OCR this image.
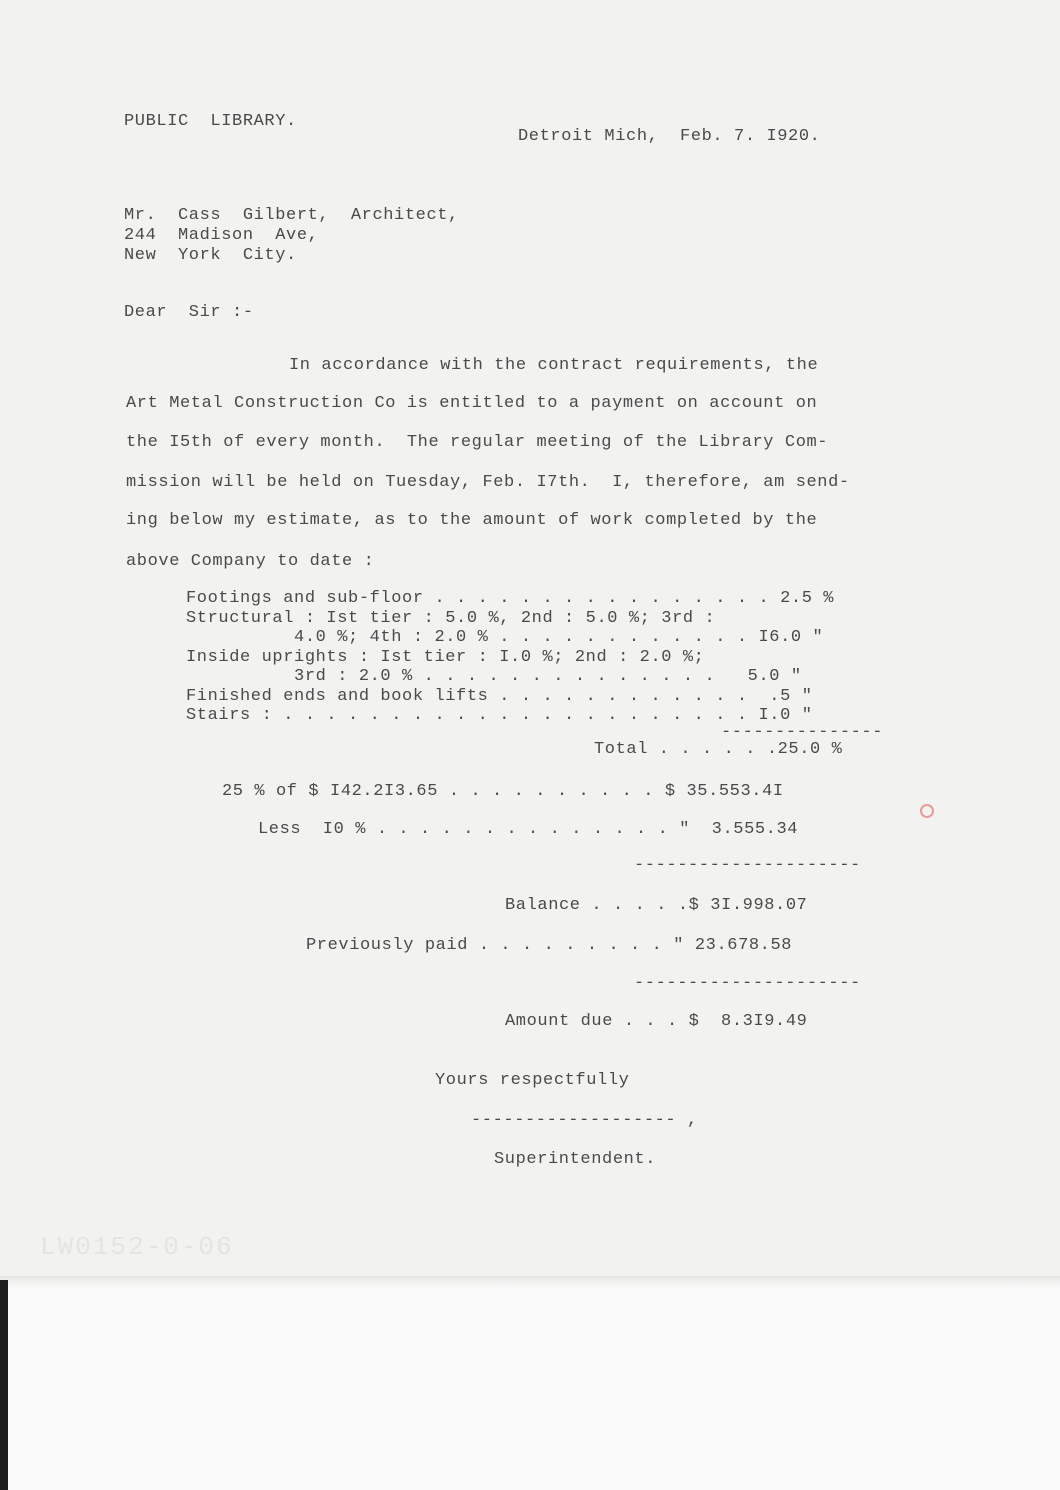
LW0152-0-06
PUBLIC  LIBRARY.
Detroit Mich,  Feb. 7. I920.
Mr.  Cass  Gilbert,  Architect,
244  Madison  Ave,
New  York  City.
Dear  Sir :-
In accordance with the contract requirements, the
Art Metal Construction Co is entitled to a payment on account on
the I5th of every month.  The regular meeting of the Library Com-
mission will be held on Tuesday, Feb. I7th.  I, therefore, am send-
ing below my estimate, as to the amount of work completed by the
above Company to date :
Footings and sub-floor . . . . . . . . . . . . . . . . 2.5 %
Structural : Ist tier : 5.0 %, 2nd : 5.0 %; 3rd :
4.0 %; 4th : 2.0 % . . . . . . . . . . . . I6.0 "
Inside uprights : Ist tier : I.0 %; 2nd : 2.0 %;
3rd : 2.0 % . . . . . . . . . . . . . .   5.0 "
Finished ends and book lifts . . . . . . . . . . . .  .5 "
Stairs : . . . . . . . . . . . . . . . . . . . . . . I.0 "
---------------
Total . . . . . .25.0 %
25 % of $ I42.2I3.65 . . . . . . . . . . $ 35.553.4I
Less  I0 % . . . . . . . . . . . . . . "  3.555.34
---------------------
Balance . . . . .$ 3I.998.07
Previously paid . . . . . . . . . " 23.678.58
---------------------
Amount due . . . $  8.3I9.49
Yours respectfully
------------------- ,
Superintendent.
